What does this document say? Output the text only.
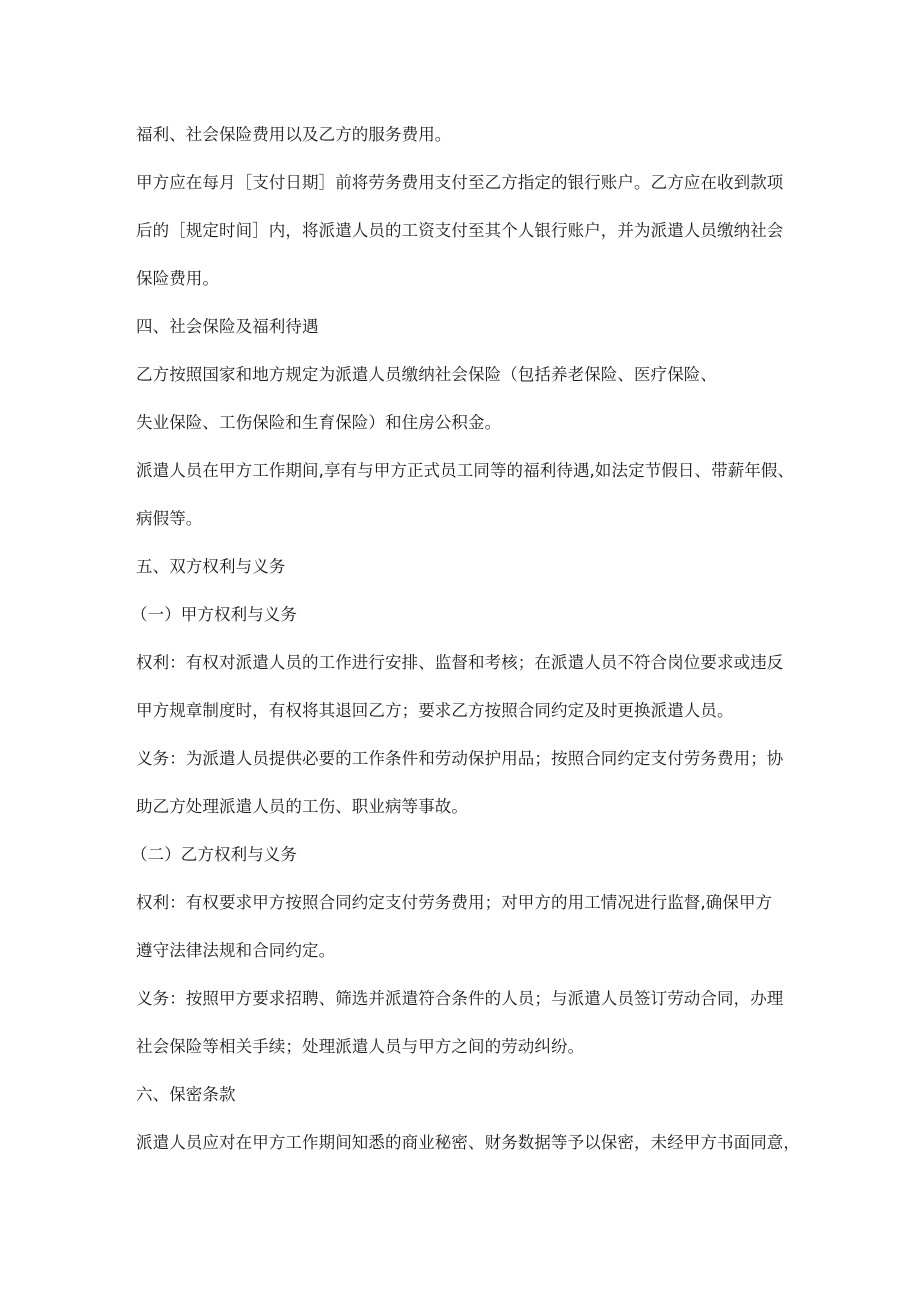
福利、社会保险费用以及乙方的服务费用。
甲方应在每月［支付日期］前将劳务费用支付至乙方指定的银行账户。乙方应在收到款项
后的［规定时间］内，将派遣人员的工资支付至其个人银行账户，并为派遣人员缴纳社会
保险费用。
四、社会保险及福利待遇
乙方按照国家和地方规定为派遣人员缴纳社会保险（包括养老保险、医疗保险、
失业保险、工伤保险和生育保险）和住房公积金。
派遣人员在甲方工作期间,享有与甲方正式员工同等的福利待遇,如法定节假日、带薪年假、
病假等。
五、双方权利与义务
（一）甲方权利与义务
权利：有权对派遣人员的工作进行安排、监督和考核；在派遣人员不符合岗位要求或违反
甲方规章制度时，有权将其退回乙方；要求乙方按照合同约定及时更换派遣人员。
义务：为派遣人员提供必要的工作条件和劳动保护用品；按照合同约定支付劳务费用；协
助乙方处理派遣人员的工伤、职业病等事故。
（二）乙方权利与义务
权利：有权要求甲方按照合同约定支付劳务费用；对甲方的用工情况进行监督,确保甲方
遵守法律法规和合同约定。
义务：按照甲方要求招聘、筛选并派遣符合条件的人员；与派遣人员签订劳动合同，办理
社会保险等相关手续；处理派遣人员与甲方之间的劳动纠纷。
六、保密条款
派遣人员应对在甲方工作期间知悉的商业秘密、财务数据等予以保密，未经甲方书面同意，
